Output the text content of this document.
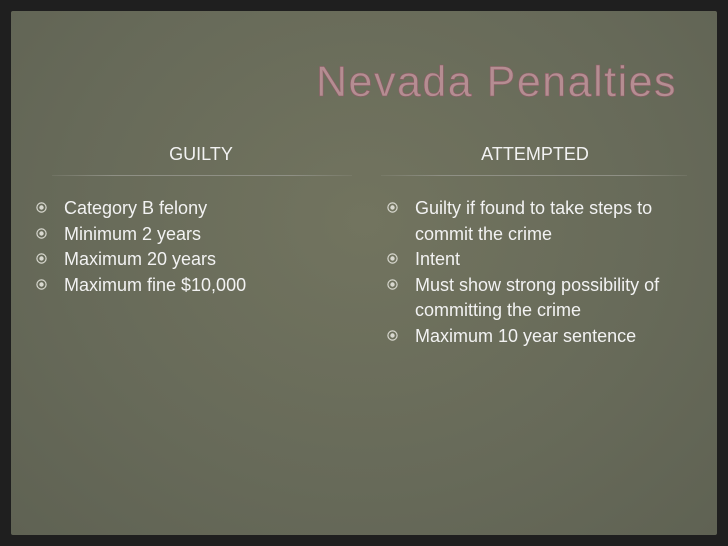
Nevada Penalties
GUILTY	ATTEMPTED
Category B felony
Minimum 2 years
Maximum 20 years
Maximum fine $10,000
Guilty if found to take steps to commit the crime
Intent
Must show strong possibility of committing the crime
Maximum 10 year sentence
